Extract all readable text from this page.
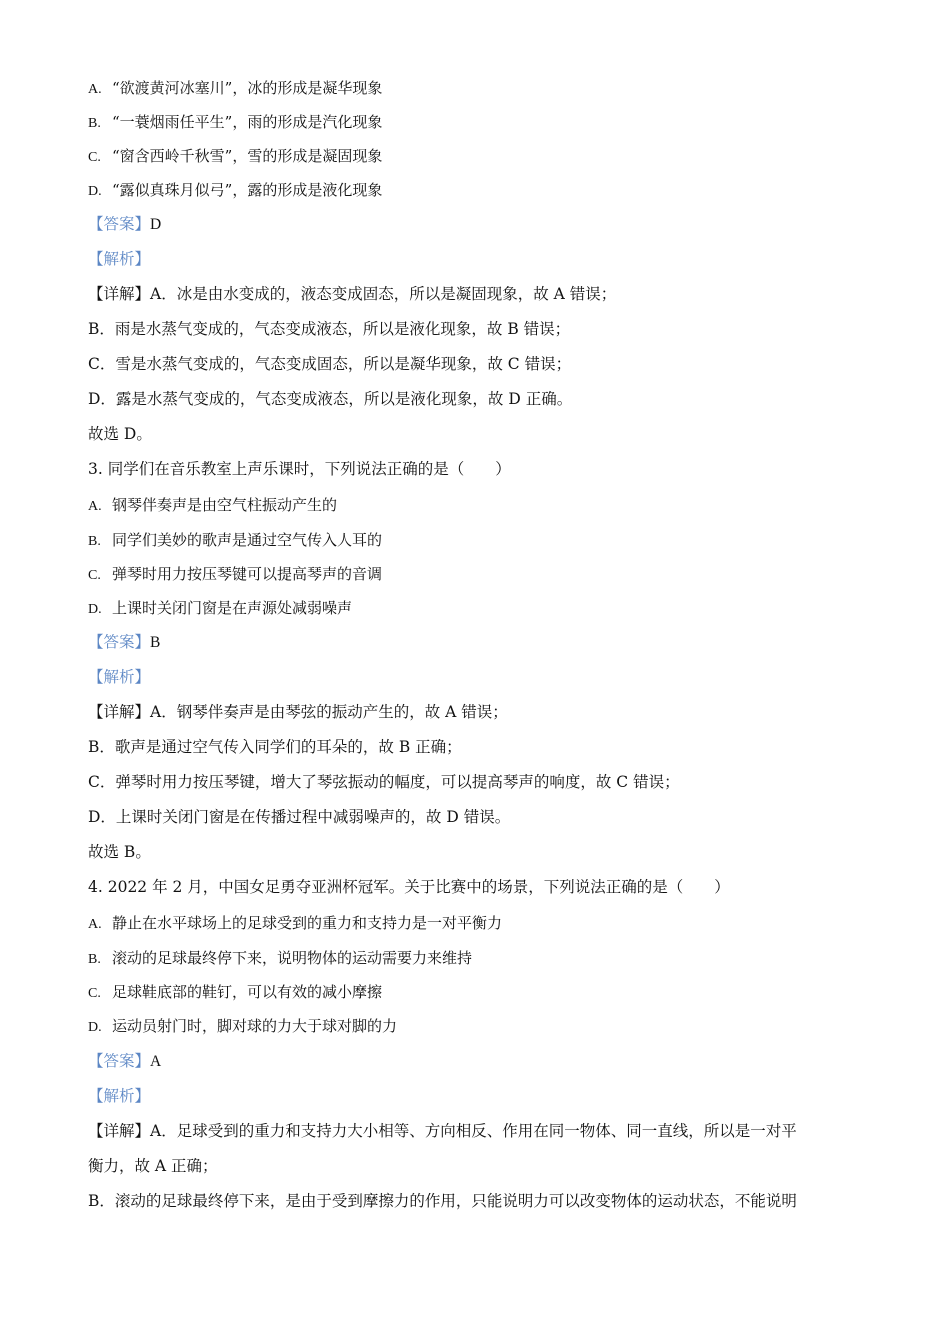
A. “欲渡黄河冰塞川”，冰的形成是凝华现象
B. “一蓑烟雨任平生”，雨的形成是汽化现象
C. “窗含西岭千秋雪”，雪的形成是凝固现象
D. “露似真珠月似弓”，露的形成是液化现象
【答案】D
【解析】
【详解】A．冰是由水变成的，液态变成固态，所以是凝固现象，故 A 错误；
B．雨是水蒸气变成的，气态变成液态，所以是液化现象，故 B 错误；
C．雪是水蒸气变成的，气态变成固态，所以是凝华现象，故 C 错误；
D．露是水蒸气变成的，气态变成液态，所以是液化现象，故 D 正确。
故选 D。
3. 同学们在音乐教室上声乐课时，下列说法正确的是（　　）
A. 钢琴伴奏声是由空气柱振动产生的
B. 同学们美妙的歌声是通过空气传入人耳的
C. 弹琴时用力按压琴键可以提高琴声的音调
D. 上课时关闭门窗是在声源处减弱噪声
【答案】B
【解析】
【详解】A．钢琴伴奏声是由琴弦的振动产生的，故 A 错误；
B．歌声是通过空气传入同学们的耳朵的，故 B 正确；
C．弹琴时用力按压琴键，增大了琴弦振动的幅度，可以提高琴声的响度，故 C 错误；
D．上课时关闭门窗是在传播过程中减弱噪声的，故 D 错误。
故选 B。
4. 2022 年 2 月，中国女足勇夺亚洲杯冠军。关于比赛中的场景，下列说法正确的是（　　）
A. 静止在水平球场上的足球受到的重力和支持力是一对平衡力
B. 滚动的足球最终停下来，说明物体的运动需要力来维持
C. 足球鞋底部的鞋钉，可以有效的减小摩擦
D. 运动员射门时，脚对球的力大于球对脚的力
【答案】A
【解析】
【详解】A．足球受到的重力和支持力大小相等、方向相反、作用在同一物体、同一直线，所以是一对平
衡力，故 A 正确；
B．滚动的足球最终停下来，是由于受到摩擦力的作用，只能说明力可以改变物体的运动状态，不能说明
